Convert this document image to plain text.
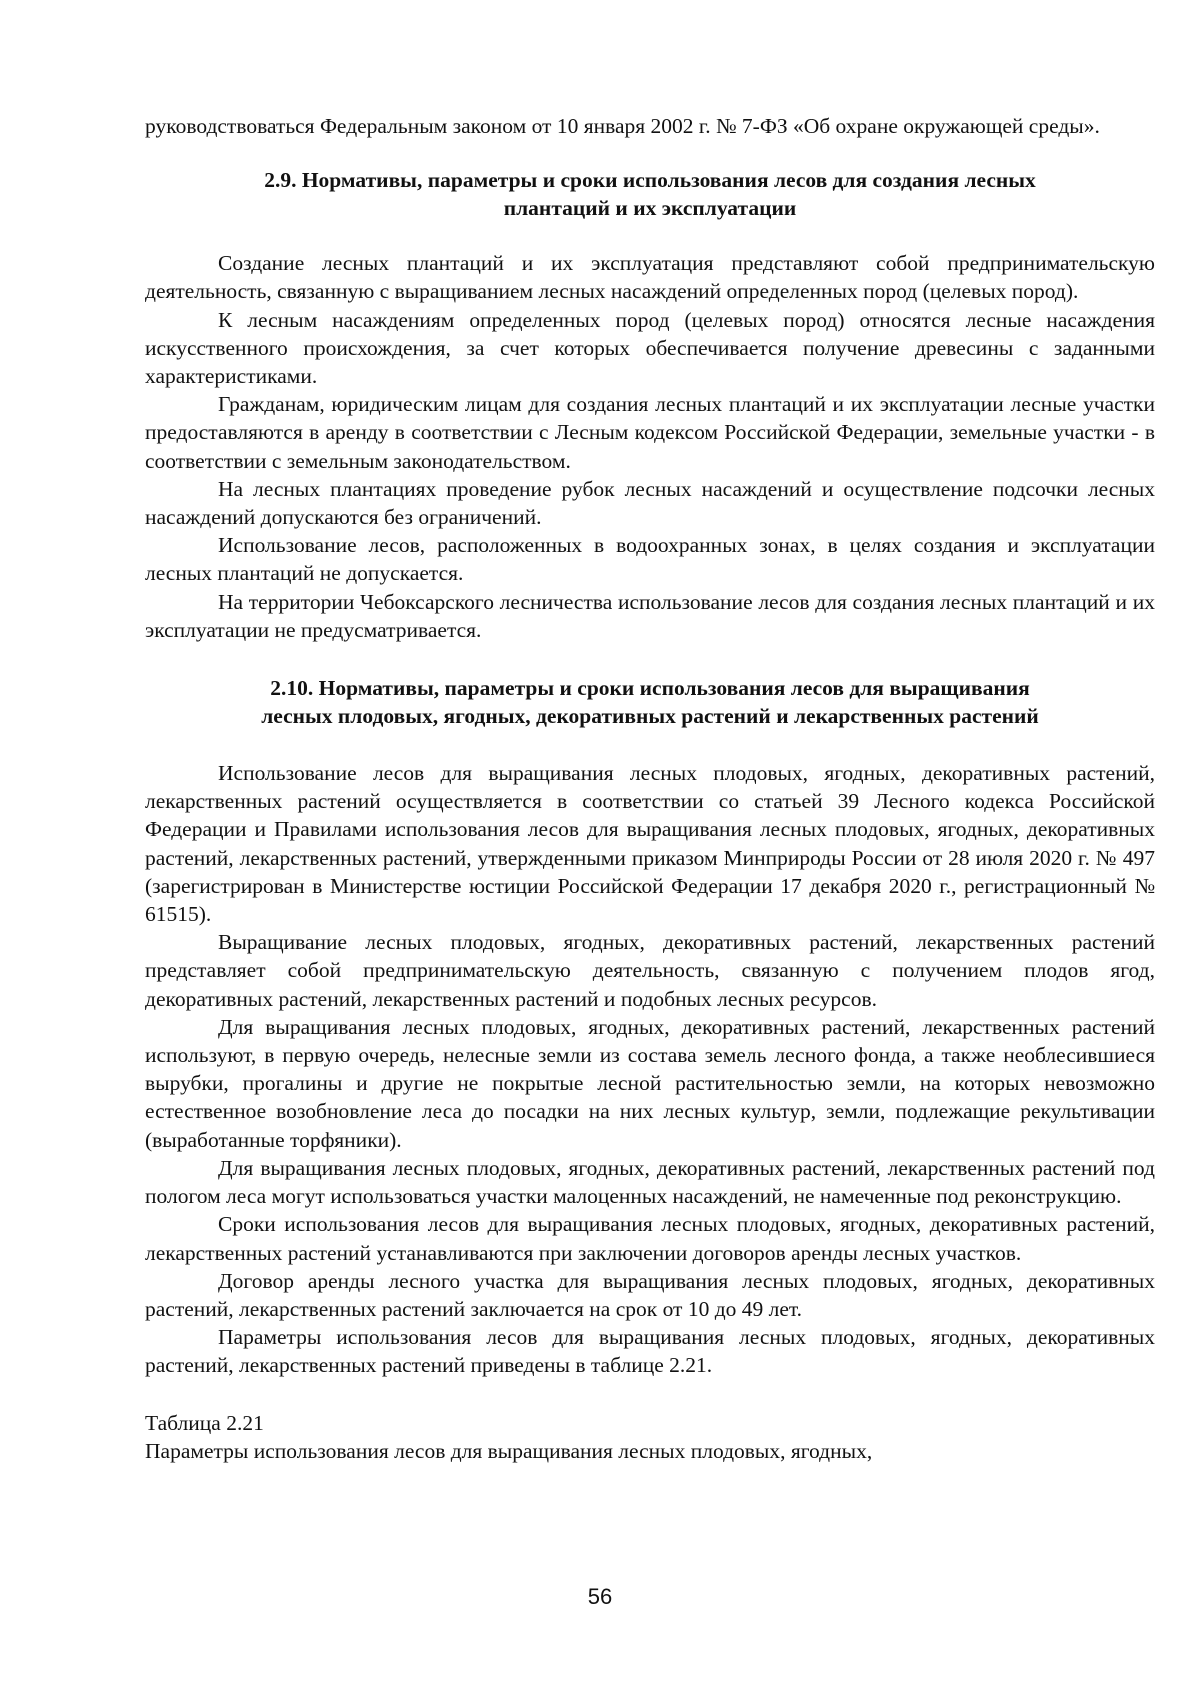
руководствоваться Федеральным законом от 10 января 2002 г. № 7-ФЗ «Об охране окружающей среды».

2.9. Нормативы, параметры и сроки использования лесов для создания лесных
плантаций и их эксплуатации

Создание лесных плантаций и их эксплуатация представляют собой предпринимательскую деятельность, связанную с выращиванием лесных насаждений определенных пород (целевых пород).

К лесным насаждениям определенных пород (целевых пород) относятся лесные насаждения искусственного происхождения, за счет которых обеспечивается получение древесины с заданными характеристиками.

Гражданам, юридическим лицам для создания лесных плантаций и их эксплуатации лесные участки предоставляются в аренду в соответствии с Лесным кодексом Российской Федерации, земельные участки - в соответствии с земельным законодательством.

На лесных плантациях проведение рубок лесных насаждений и осуществление подсочки лесных насаждений допускаются без ограничений.

Использование лесов, расположенных в водоохранных зонах, в целях создания и эксплуатации лесных плантаций не допускается.

На территории Чебоксарского лесничества использование лесов для создания лесных плантаций и их эксплуатации не предусматривается.

2.10. Нормативы, параметры и сроки использования лесов для выращивания
лесных плодовых, ягодных, декоративных растений и лекарственных растений

Использование лесов для выращивания лесных плодовых, ягодных, декоративных растений, лекарственных растений осуществляется в соответствии со статьей 39 Лесного кодекса Российской Федерации и Правилами использования лесов для выращивания лесных плодовых, ягодных, декоративных растений, лекарственных растений, утвержденными приказом Минприроды России от 28 июля 2020 г. № 497 (зарегистрирован в Министерстве юстиции Российской Федерации 17 декабря 2020 г., регистрационный № 61515).

Выращивание лесных плодовых, ягодных, декоративных растений, лекарственных растений представляет собой предпринимательскую деятельность, связанную с получением плодов ягод, декоративных растений, лекарственных растений и подобных лесных ресурсов.

Для выращивания лесных плодовых, ягодных, декоративных растений, лекарственных растений используют, в первую очередь, нелесные земли из состава земель лесного фонда, а также необлесившиеся вырубки, прогалины и другие не покрытые лесной растительностью земли, на которых невозможно естественное возобновление леса до посадки на них лесных культур, земли, подлежащие рекультивации (выработанные торфяники).

Для выращивания лесных плодовых, ягодных, декоративных растений, лекарственных растений под пологом леса могут использоваться участки малоценных насаждений, не намеченные под реконструкцию.

Сроки использования лесов для выращивания лесных плодовых, ягодных, декоративных растений, лекарственных растений устанавливаются при заключении договоров аренды лесных участков.

Договор аренды лесного участка для выращивания лесных плодовых, ягодных, декоративных растений, лекарственных растений заключается на срок от 10 до 49 лет.

Параметры использования лесов для выращивания лесных плодовых, ягодных, декоративных растений, лекарственных растений приведены в таблице 2.21.

Таблица 2.21

Параметры использования лесов для выращивания лесных плодовых, ягодных,

56
